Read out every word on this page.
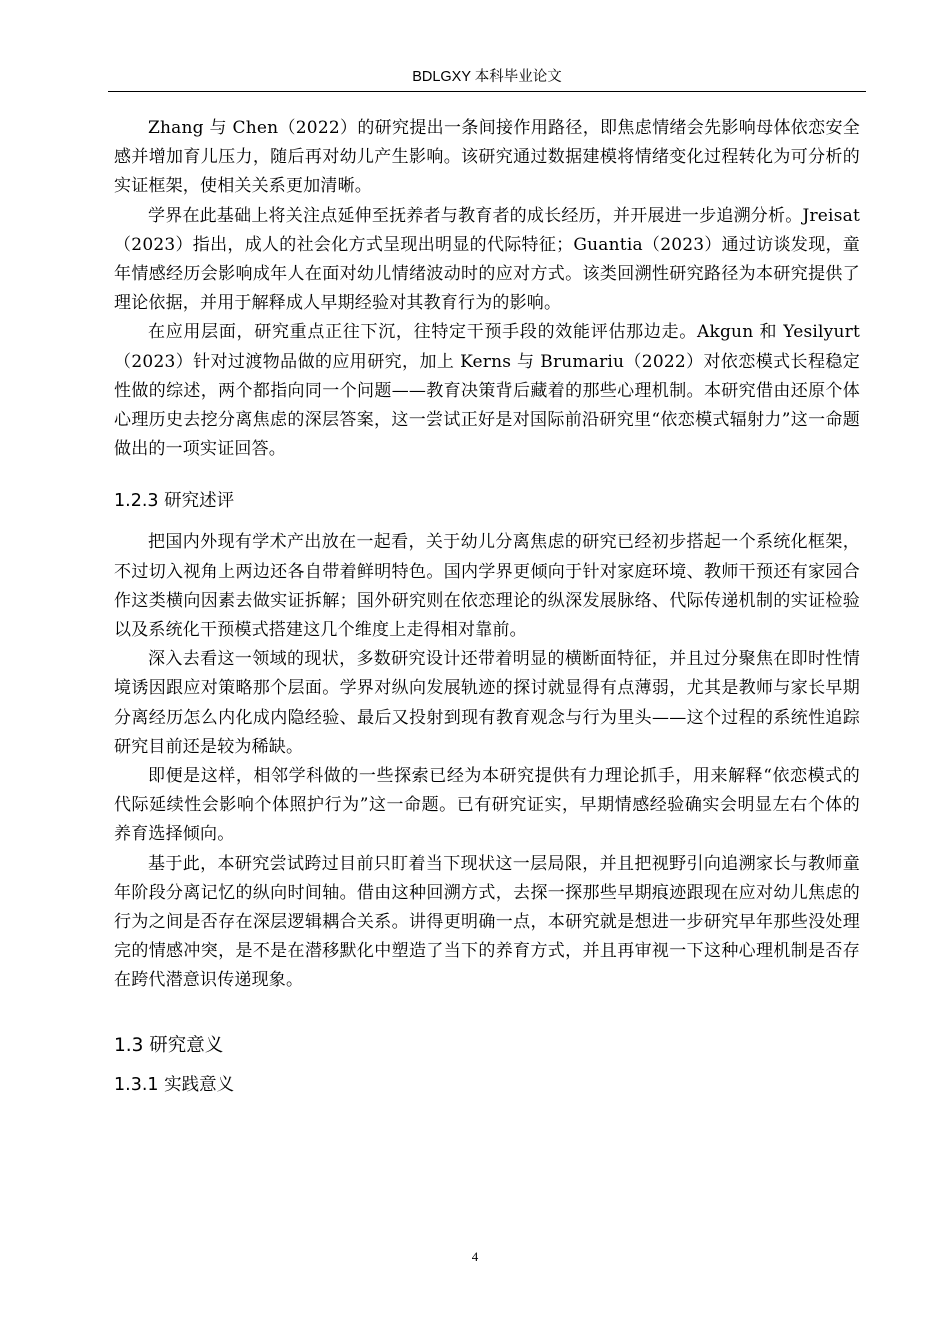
BDLGXY 本科毕业论文

Zhang 与 Chen（2022）的研究提出一条间接作用路径，即焦虑情绪会先影响母体依恋安全感并增加育儿压力，随后再对幼儿产生影响。该研究通过数据建模将情绪变化过程转化为可分析的实证框架，使相关关系更加清晰。

学界在此基础上将关注点延伸至抚养者与教育者的成长经历，并开展进一步追溯分析。Jreisat（2023）指出，成人的社会化方式呈现出明显的代际特征；Guantia（2023）通过访谈发现，童年情感经历会影响成年人在面对幼儿情绪波动时的应对方式。该类回溯性研究路径为本研究提供了理论依据，并用于解释成人早期经验对其教育行为的影响。

在应用层面，研究重点正往下沉，往特定干预手段的效能评估那边走。Akgun 和 Yesilyurt（2023）针对过渡物品做的应用研究，加上 Kerns 与 Brumariu（2022）对依恋模式长程稳定性做的综述，两个都指向同一个问题——教育决策背后藏着的那些心理机制。本研究借由还原个体心理历史去挖分离焦虑的深层答案，这一尝试正好是对国际前沿研究里“依恋模式辐射力”这一命题做出的一项实证回答。

1.2.3 研究述评

把国内外现有学术产出放在一起看，关于幼儿分离焦虑的研究已经初步搭起一个系统化框架，不过切入视角上两边还各自带着鲜明特色。国内学界更倾向于针对家庭环境、教师干预还有家园合作这类横向因素去做实证拆解；国外研究则在依恋理论的纵深发展脉络、代际传递机制的实证检验以及系统化干预模式搭建这几个维度上走得相对靠前。

深入去看这一领域的现状，多数研究设计还带着明显的横断面特征，并且过分聚焦在即时性情境诱因跟应对策略那个层面。学界对纵向发展轨迹的探讨就显得有点薄弱，尤其是教师与家长早期分离经历怎么内化成内隐经验、最后又投射到现有教育观念与行为里头——这个过程的系统性追踪研究目前还是较为稀缺。

即便是这样，相邻学科做的一些探索已经为本研究提供有力理论抓手，用来解释“依恋模式的代际延续性会影响个体照护行为”这一命题。已有研究证实，早期情感经验确实会明显左右个体的养育选择倾向。

基于此，本研究尝试跨过目前只盯着当下现状这一层局限，并且把视野引向追溯家长与教师童年阶段分离记忆的纵向时间轴。借由这种回溯方式，去探一探那些早期痕迹跟现在应对幼儿焦虑的行为之间是否存在深层逻辑耦合关系。讲得更明确一点，本研究就是想进一步研究早年那些没处理完的情感冲突，是不是在潜移默化中塑造了当下的养育方式，并且再审视一下这种心理机制是否存在跨代潜意识传递现象。

1.3 研究意义
1.3.1 实践意义
4
